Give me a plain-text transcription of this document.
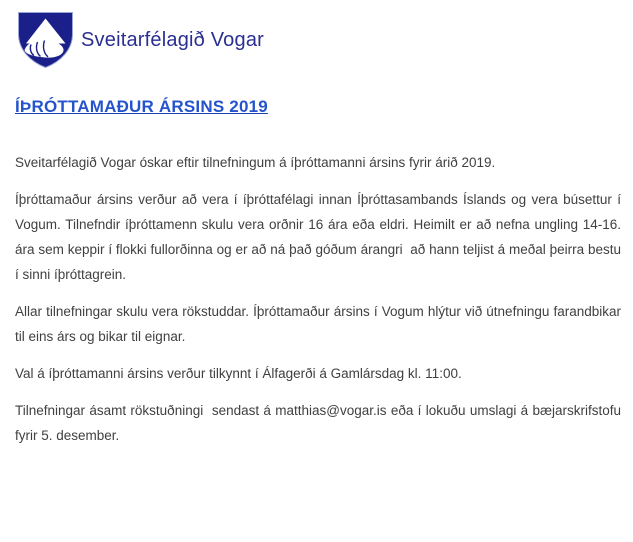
Sveitarfélagið Vogar
ÍÞRÓTTAMAÐUR ÁRSINS 2019

Sveitarfélagið Vogar óskar eftir tilnefningum á íþróttamanni ársins fyrir árið 2019.

Íþróttamaður ársins verður að vera í íþróttafélagi innan Íþróttasambands Íslands og vera búsettur í Vogum. Tilnefndir íþróttamenn skulu vera orðnir 16 ára eða eldri. Heimilt er að nefna ungling 14-16. ára sem keppir í flokki fullorðinna og er að ná það góðum árangri  að hann teljist á meðal þeirra bestu í sinni íþróttagrein.

Allar tilnefningar skulu vera rökstuddar. Íþróttamaður ársins í Vogum hlýtur við útnefningu farandbikar til eins árs og bikar til eignar.

Val á íþróttamanni ársins verður tilkynnt í Álfagerði á Gamlársdag kl. 11:00.

Tilnefningar ásamt rökstuðningi  sendast á matthias@vogar.is eða í lokuðu umslagi á bæjarskrifstofu fyrir 5. desember.
